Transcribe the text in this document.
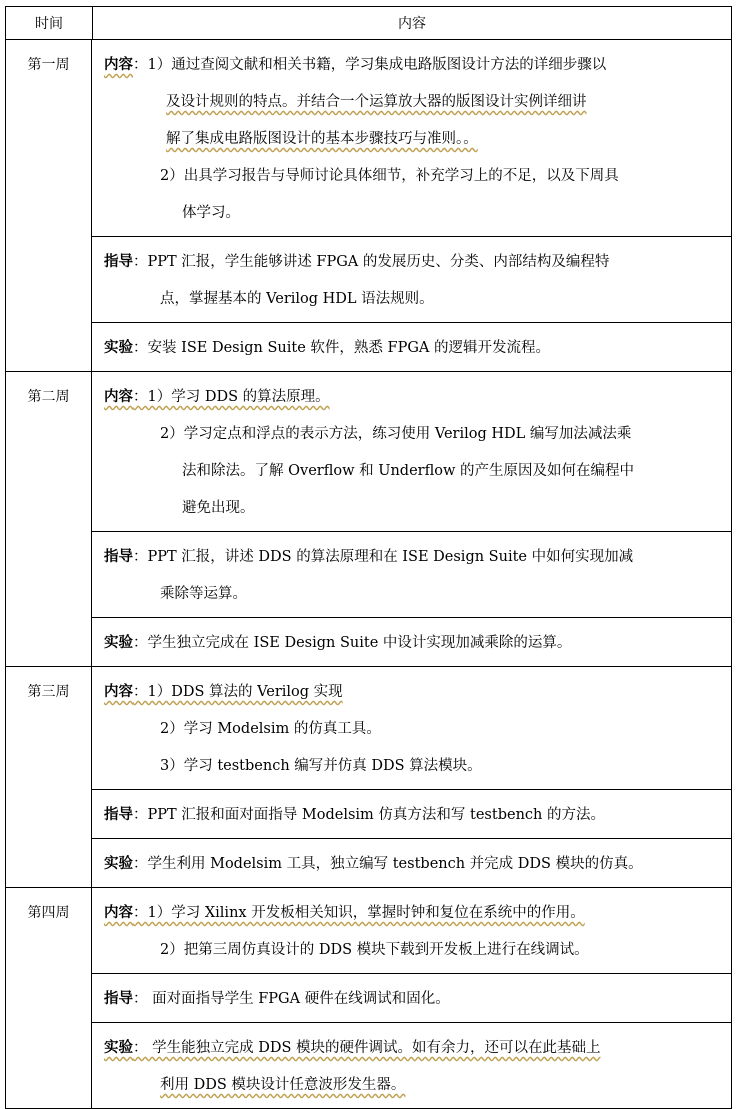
时间	内容
第一周	内容：1）通过查阅文献和相关书籍，学习集成电路版图设计方法的详细步骤以
及设计规则的特点。并结合一个运算放大器的版图设计实例详细讲
解了集成电路版图设计的基本步骤技巧与准则。。
2）出具学习报告与导师讨论具体细节，补充学习上的不足，以及下周具
体学习。
指导：PPT 汇报，学生能够讲述 FPGA 的发展历史、分类、内部结构及编程特
点，掌握基本的 Verilog HDL 语法规则。
实验：安装 ISE Design Suite 软件，熟悉 FPGA 的逻辑开发流程。
第二周	内容：1）学习 DDS 的算法原理。
2）学习定点和浮点的表示方法，练习使用 Verilog HDL 编写加法减法乘
法和除法。了解 Overflow 和 Underflow 的产生原因及如何在编程中
避免出现。
指导：PPT 汇报，讲述 DDS 的算法原理和在 ISE Design Suite 中如何实现加减
乘除等运算。
实验：学生独立完成在 ISE Design Suite 中设计实现加减乘除的运算。
第三周	内容：1）DDS 算法的 Verilog 实现
2）学习 Modelsim 的仿真工具。
3）学习 testbench 编写并仿真 DDS 算法模块。
指导：PPT 汇报和面对面指导 Modelsim 仿真方法和写 testbench 的方法。
实验：学生利用 Modelsim 工具，独立编写 testbench 并完成 DDS 模块的仿真。
第四周	内容：1）学习 Xilinx 开发板相关知识，掌握时钟和复位在系统中的作用。
2）把第三周仿真设计的 DDS 模块下载到开发板上进行在线调试。
指导： 面对面指导学生 FPGA 硬件在线调试和固化。
实验： 学生能独立完成 DDS 模块的硬件调试。如有余力，还可以在此基础上
利用 DDS 模块设计任意波形发生器。
